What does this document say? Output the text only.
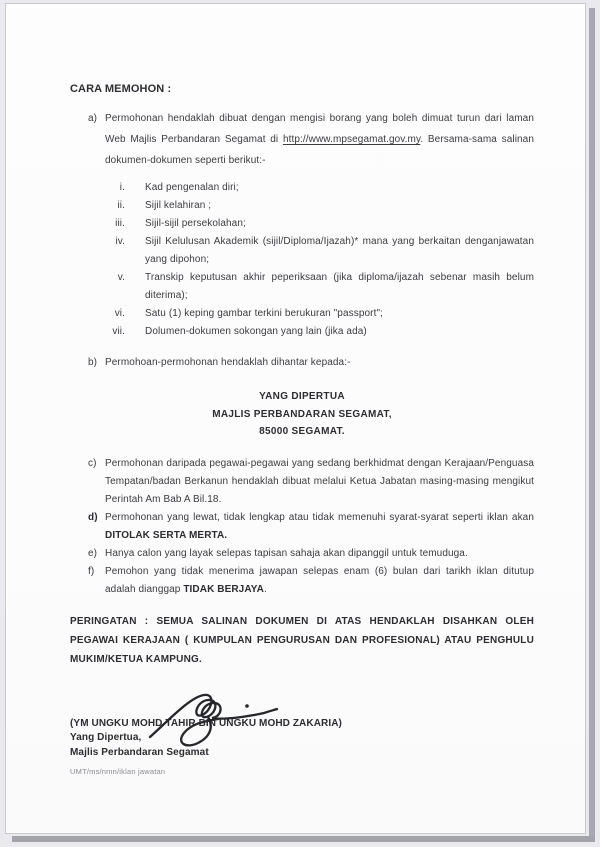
CARA MEMOHON :
a) Permohonan hendaklah dibuat dengan mengisi borang yang boleh dimuat turun dari laman Web Majlis Perbandaran Segamat di http://www.mpsegamat.gov.my. Bersama-sama salinan dokumen-dokumen seperti berikut:-
i. Kad pengenalan diri;
ii. Sijil kelahiran ;
iii. Sijil-sijil persekolahan;
iv. Sijil Kelulusan Akademik (sijil/Diploma/Ijazah)* mana yang berkaitan denganjawatan yang dipohon;
v. Transkip keputusan akhir peperiksaan (jika diploma/ijazah sebenar masih belum diterima);
vi. Satu (1) keping gambar terkini berukuran "passport";
vii. Dolumen-dokumen sokongan yang lain (jika ada)
b) Permohoan-permohonan hendaklah dihantar kepada:-
YANG DIPERTUA
MAJLIS PERBANDARAN SEGAMAT,
85000 SEGAMAT.
c) Permohonan daripada pegawai-pegawai yang sedang berkhidmat dengan Kerajaan/Penguasa Tempatan/badan Berkanun hendaklah dibuat melalui Ketua Jabatan masing-masing mengikut Perintah Am Bab A Bil.18.
d) Permohonan yang lewat, tidak lengkap atau tidak memenuhi syarat-syarat seperti iklan akan DITOLAK SERTA MERTA.
e) Hanya calon yang layak selepas tapisan sahaja akan dipanggil untuk temuduga.
f)	Pemohon yang tidak menerima jawapan selepas enam (6) bulan dari tarikh iklan ditutup adalah dianggap TIDAK BERJAYA.
PERINGATAN : SEMUA SALINAN DOKUMEN DI ATAS HENDAKLAH DISAHKAN OLEH PEGAWAI KERAJAAN ( KUMPULAN PENGURUSAN DAN PROFESIONAL) ATAU PENGHULU MUKIM/KETUA KAMPUNG.
(YM UNGKU MOHD TAHIR BIN UNGKU MOHD ZAKARIA)
Yang Dipertua,
Majlis Perbandaran Segamat
UMT/ms/nmn/iklan jawatan
